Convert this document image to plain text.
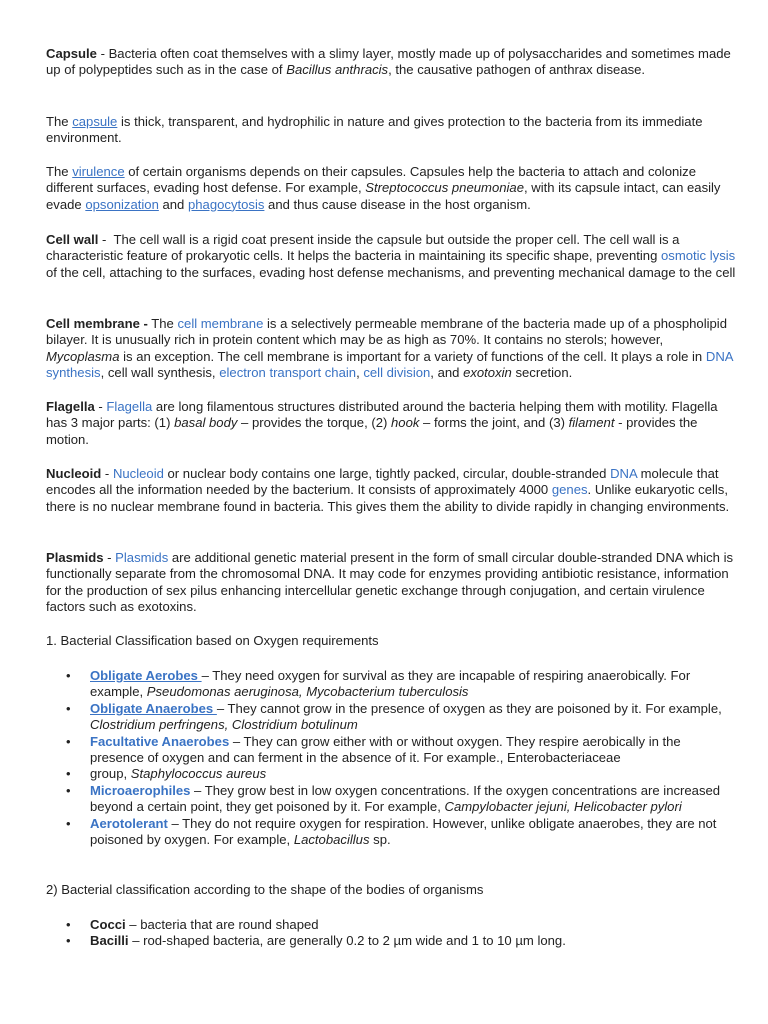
Capsule - Bacteria often coat themselves with a slimy layer, mostly made up of polysaccharides and sometimes made up of polypeptides such as in the case of Bacillus anthracis, the causative pathogen of anthrax disease.

The capsule is thick, transparent, and hydrophilic in nature and gives protection to the bacteria from its immediate environment.

The virulence of certain organisms depends on their capsules. Capsules help the bacteria to attach and colonize different surfaces, evading host defense. For example, Streptococcus pneumoniae, with its capsule intact, can easily evade opsonization and phagocytosis and thus cause disease in the host organism.

Cell wall -  The cell wall is a rigid coat present inside the capsule but outside the proper cell. The cell wall is a characteristic feature of prokaryotic cells. It helps the bacteria in maintaining its specific shape, preventing osmotic lysis of the cell, attaching to the surfaces, evading host defense mechanisms, and preventing mechanical damage to the cell

Cell membrane - The cell membrane is a selectively permeable membrane of the bacteria made up of a phospholipid bilayer. It is unusually rich in protein content which may be as high as 70%. It contains no sterols; however, Mycoplasma is an exception. The cell membrane is important for a variety of functions of the cell. It plays a role in DNA synthesis, cell wall synthesis, electron transport chain, cell division, and exotoxin secretion.

Flagella - Flagella are long filamentous structures distributed around the bacteria helping them with motility. Flagella has 3 major parts: (1) basal body – provides the torque, (2) hook – forms the joint, and (3) filament - provides the motion.

Nucleoid - Nucleoid or nuclear body contains one large, tightly packed, circular, double-stranded DNA molecule that encodes all the information needed by the bacterium. It consists of approximately 4000 genes. Unlike eukaryotic cells, there is no nuclear membrane found in bacteria. This gives them the ability to divide rapidly in changing environments.

Plasmids - Plasmids are additional genetic material present in the form of small circular double-stranded DNA which is functionally separate from the chromosomal DNA. It may code for enzymes providing antibiotic resistance, information for the production of sex pilus enhancing intercellular genetic exchange through conjugation, and certain virulence factors such as exotoxins.

1. Bacterial Classification based on Oxygen requirements

• Obligate Aerobes – They need oxygen for survival as they are incapable of respiring anaerobically. For example, Pseudomonas aeruginosa, Mycobacterium tuberculosis
• Obligate Anaerobes – They cannot grow in the presence of oxygen as they are poisoned by it. For example, Clostridium perfringens, Clostridium botulinum
• Facultative Anaerobes – They can grow either with or without oxygen. They respire aerobically in the presence of oxygen and can ferment in the absence of it. For example., Enterobacteriaceae
• group, Staphylococcus aureus
• Microaerophiles – They grow best in low oxygen concentrations. If the oxygen concentrations are increased beyond a certain point, they get poisoned by it. For example, Campylobacter jejuni, Helicobacter pylori
• Aerotolerant – They do not require oxygen for respiration. However, unlike obligate anaerobes, they are not poisoned by oxygen. For example, Lactobacillus sp.

2) Bacterial classification according to the shape of the bodies of organisms

• Cocci – bacteria that are round shaped
• Bacilli – rod-shaped bacteria, are generally 0.2 to 2 µm wide and 1 to 10 µm long.
